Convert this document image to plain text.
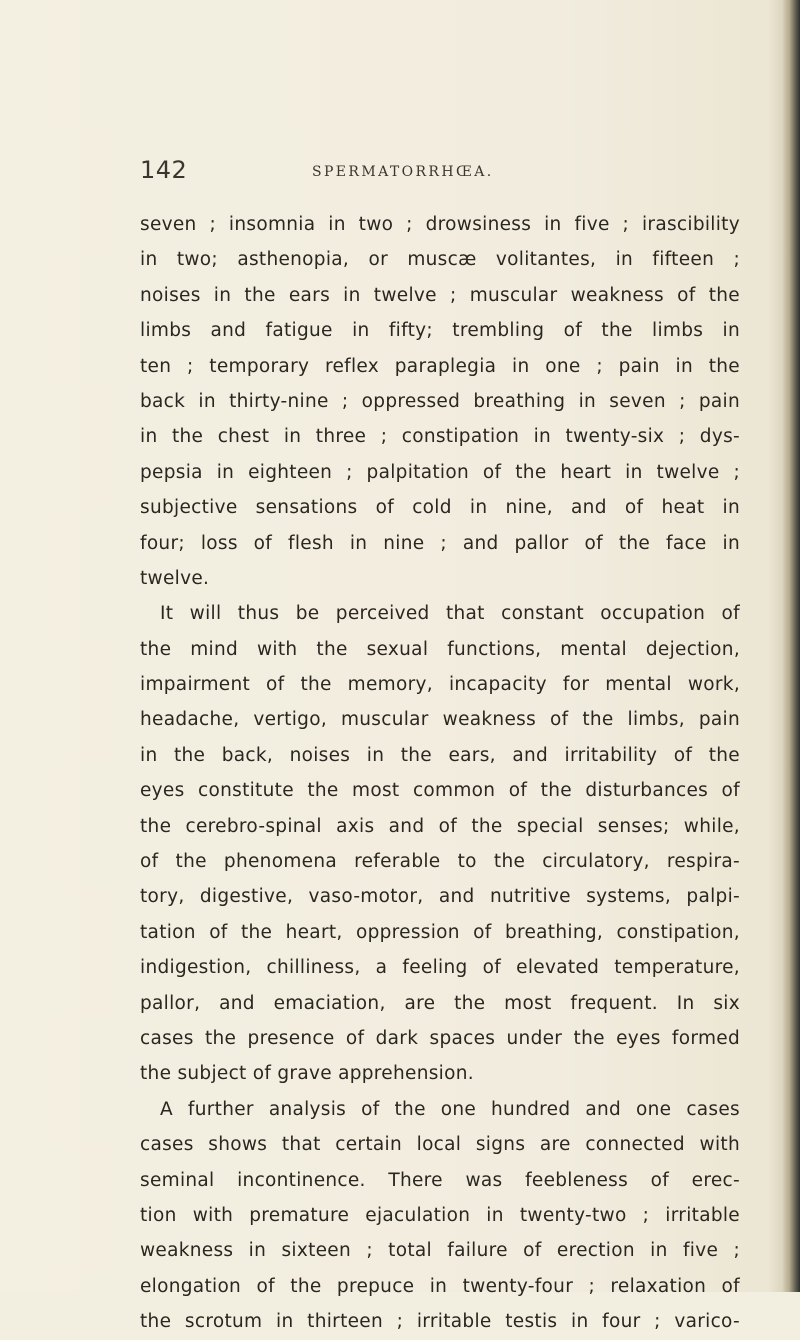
142	SPERMATORRHŒA.
seven ; insomnia in two ; drowsiness in five ; irascibility
in two; asthenopia, or muscæ volitantes, in fifteen ;
noises in the ears in twelve ; muscular weakness of the
limbs and fatigue in fifty; trembling of the limbs in
ten ; temporary reflex paraplegia in one ; pain in the
back in thirty-nine ; oppressed breathing in seven ; pain
in the chest in three ; constipation in twenty-six ; dys-
pepsia in eighteen ; palpitation of the heart in twelve ;
subjective sensations of cold in nine, and of heat in
four; loss of flesh in nine ; and pallor of the face in
twelve.
It will thus be perceived that constant occupation of
the mind with the sexual functions, mental dejection,
impairment of the memory, incapacity for mental work,
headache, vertigo, muscular weakness of the limbs, pain
in the back, noises in the ears, and irritability of the
eyes constitute the most common of the disturbances of
the cerebro-spinal axis and of the special senses; while,
of the phenomena referable to the circulatory, respira-
tory, digestive, vaso-motor, and nutritive systems, palpi-
tation of the heart, oppression of breathing, constipation,
indigestion, chilliness, a feeling of elevated temperature,
pallor, and emaciation, are the most frequent. In six
cases the presence of dark spaces under the eyes formed
the subject of grave apprehension.
A further analysis of the one hundred and one cases
cases shows that certain local signs are connected with
seminal incontinence. There was feebleness of erec-
tion with premature ejaculation in twenty-two ; irritable
weakness in sixteen ; total failure of erection in five ;
elongation of the prepuce in twenty-four ; relaxation of
the scrotum in thirteen ; irritable testis in four ; varico-
